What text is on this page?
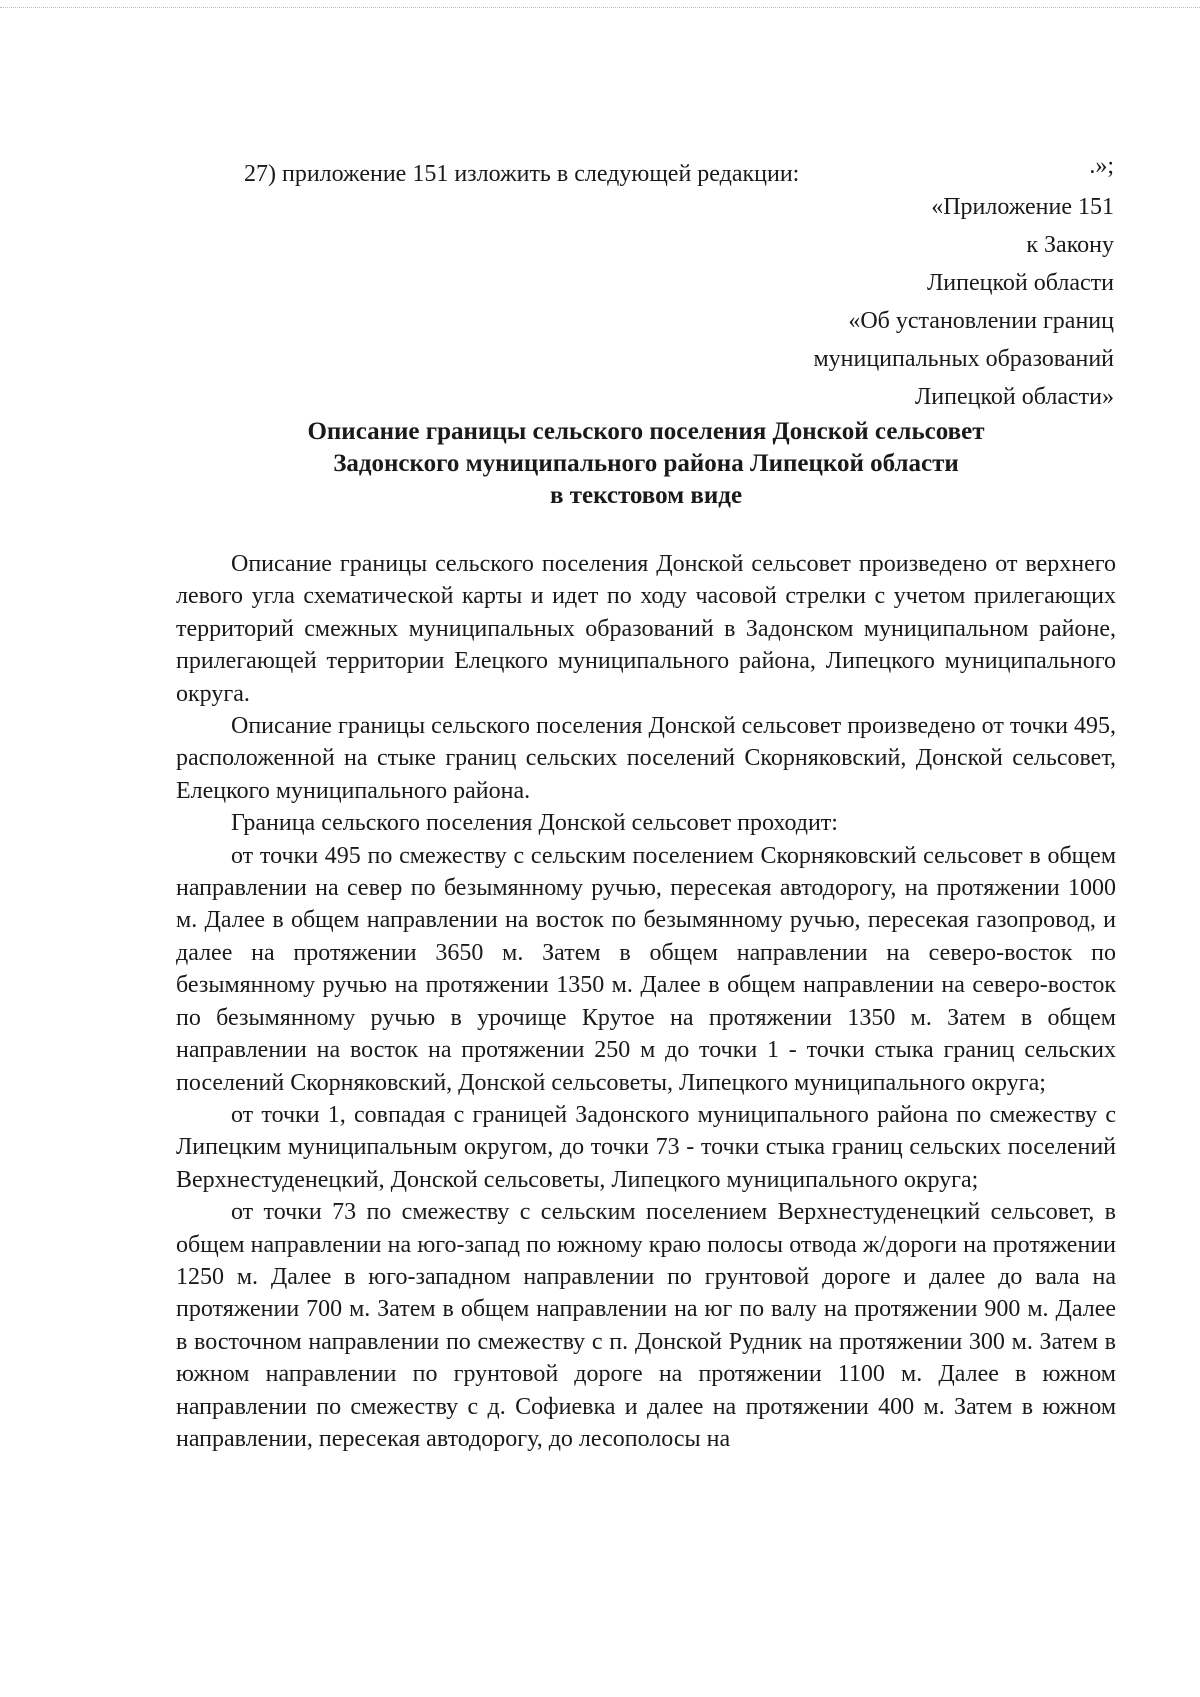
.»;
27) приложение 151 изложить в следующей редакции:
«Приложение 151
к Закону
Липецкой области
«Об установлении границ
муниципальных образований
Липецкой области»
Описание границы сельского поселения Донской сельсовет
Задонского муниципального района Липецкой области
в текстовом виде

Описание границы сельского поселения Донской сельсовет произведено от верхнего левого угла схематической карты и идет по ходу часовой стрелки с учетом прилегающих территорий смежных муниципальных образований в Задонском муниципальном районе, прилегающей территории Елецкого муниципального района, Липецкого муниципального округа.

Описание границы сельского поселения Донской сельсовет произведено от точки 495, расположенной на стыке границ сельских поселений Скорняковский, Донской сельсовет, Елецкого муниципального района.

Граница сельского поселения Донской сельсовет проходит:

от точки 495 по смежеству с сельским поселением Скорняковский сельсовет в общем направлении на север по безымянному ручью, пересекая автодорогу, на протяжении 1000 м. Далее в общем направлении на восток по безымянному ручью, пересекая газопровод, и далее на протяжении 3650 м. Затем в общем направлении на северо-восток по безымянному ручью на протяжении 1350 м. Далее в общем направлении на северо-восток по безымянному ручью в урочище Крутое на протяжении 1350 м. Затем в общем направлении на восток на протяжении 250 м до точки 1 - точки стыка границ сельских поселений Скорняковский, Донской сельсоветы, Липецкого муниципального округа;

от точки 1, совпадая с границей Задонского муниципального района по смежеству с Липецким муниципальным округом, до точки 73 - точки стыка границ сельских поселений Верхнестуденецкий, Донской сельсоветы, Липецкого муниципального округа;

от точки 73 по смежеству с сельским поселением Верхнестуденецкий сельсовет, в общем направлении на юго-запад по южному краю полосы отвода ж/дороги на протяжении 1250 м. Далее в юго-западном направлении по грунтовой дороге и далее до вала на протяжении 700 м. Затем в общем направлении на юг по валу на протяжении 900 м. Далее в восточном направлении по смежеству с п. Донской Рудник на протяжении 300 м. Затем в южном направлении по грунтовой дороге на протяжении 1100 м. Далее в южном направлении по смежеству с д. Софиевка и далее на протяжении 400 м. Затем в южном направлении, пересекая автодорогу, до лесополосы на
